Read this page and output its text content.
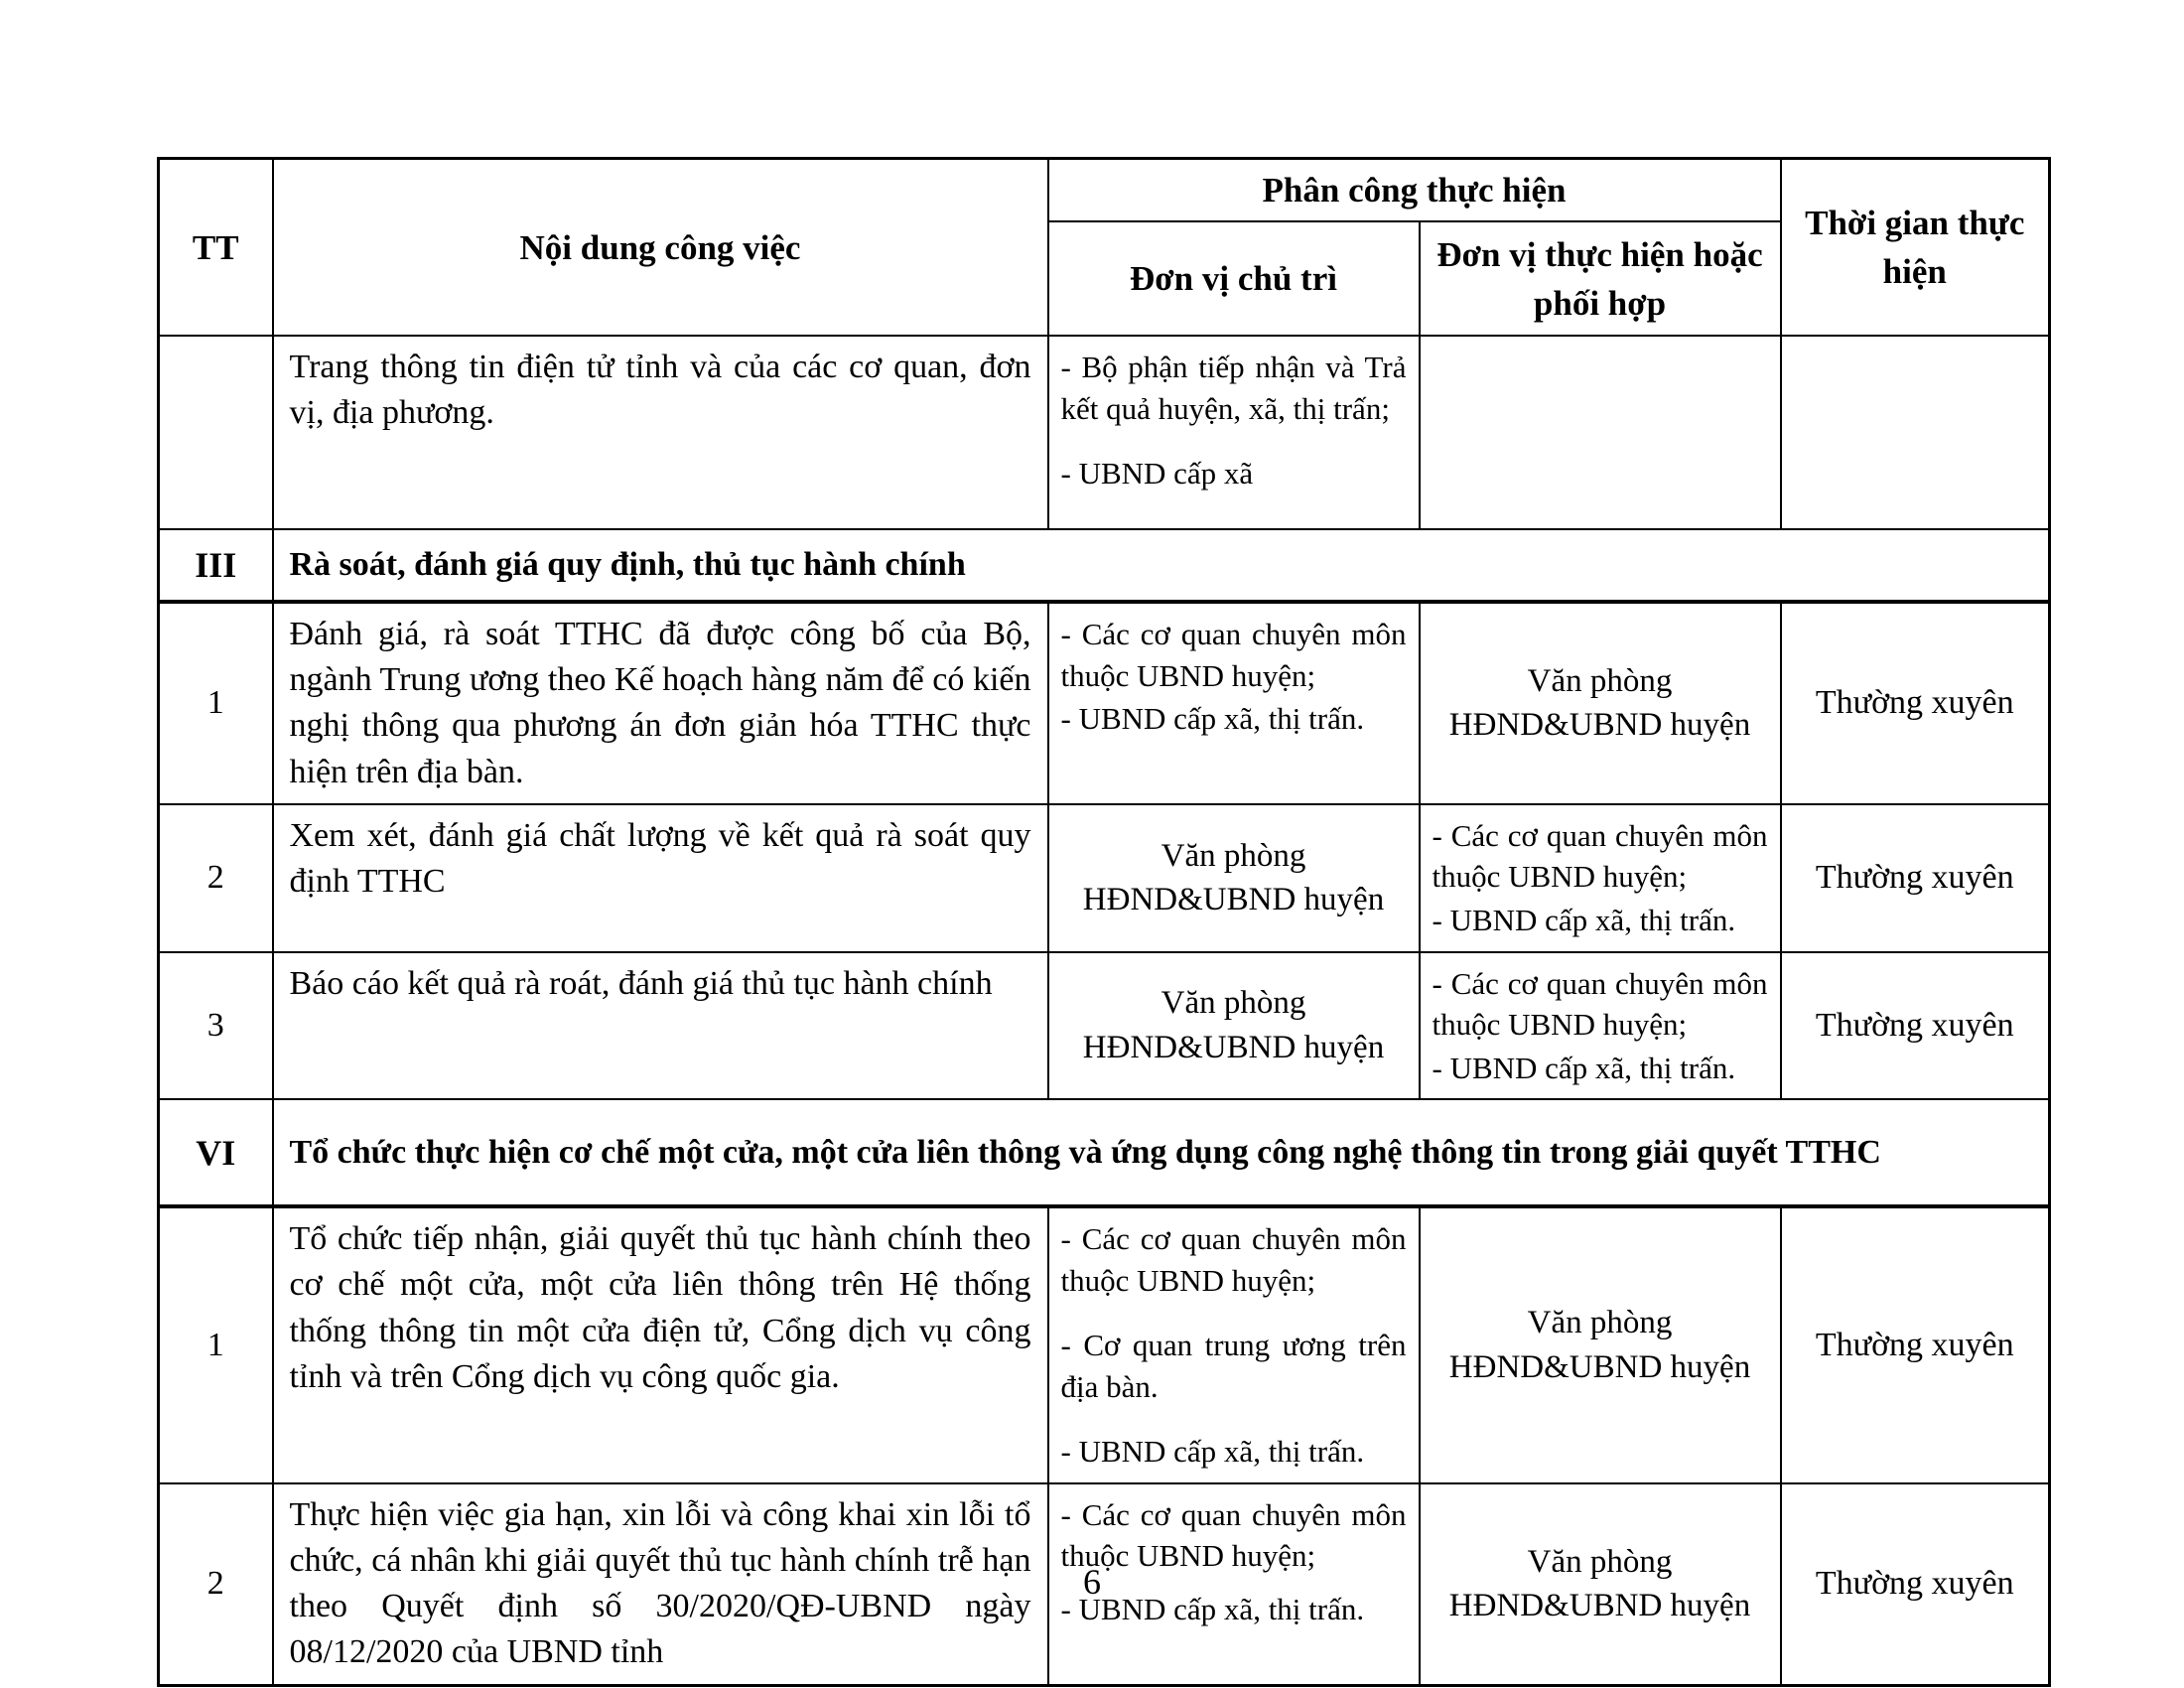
TT	Nội dung công việc	Phân công thực hiện		Thời gian thực hiện
		Đơn vị chủ trì	Đơn vị thực hiện hoặc phối hợp	
	Trang thông tin điện tử tỉnh và của các cơ quan, đơn vị, địa phương.	- Bộ phận tiếp nhận và Trả kết quả huyện, xã, thị trấn;

- UBND cấp xã		

III	Rà soát, đánh giá quy định, thủ tục hành chính			
1	Đánh giá, rà soát TTHC đã được công bố của Bộ, ngành Trung ương theo Kế hoạch hàng năm để có kiến nghị thông qua phương án đơn giản hóa TTHC thực hiện trên địa bàn.	- Các cơ quan chuyên môn thuộc UBND huyện;

- UBND cấp xã, thị trấn.	Văn phòng HĐND&UBND huyện	Thường xuyên
2	Xem xét, đánh giá chất lượng về kết quả rà soát quy định TTHC	Văn phòng HĐND&UBND huyện	- Các cơ quan chuyên môn thuộc UBND huyện;

- UBND cấp xã, thị trấn.	Thường xuyên
3	Báo cáo kết quả rà roát, đánh giá thủ tục hành chính	Văn phòng HĐND&UBND huyện	- Các cơ quan chuyên môn thuộc UBND huyện;

- UBND cấp xã, thị trấn.	Thường xuyên
VI	Tổ chức thực hiện cơ chế một cửa, một cửa liên thông và ứng dụng công nghệ thông tin trong giải quyết TTHC			
1	Tổ chức tiếp nhận, giải quyết thủ tục hành chính theo cơ chế một cửa, một cửa liên thông trên Hệ thống thống thông tin một cửa điện tử, Cổng dịch vụ công tỉnh và trên Cổng dịch vụ công quốc gia.	- Các cơ quan chuyên môn thuộc UBND huyện;

- Cơ quan trung ương trên địa bàn.

- UBND cấp xã, thị trấn.	Văn phòng HĐND&UBND huyện	Thường xuyên
2	Thực hiện việc gia hạn, xin lỗi và công khai xin lỗi tổ chức, cá nhân khi giải quyết thủ tục hành chính trễ hạn theo Quyết định số 30/2020/QĐ-UBND ngày 08/12/2020 của UBND tỉnh	- Các cơ quan chuyên môn thuộc UBND huyện;

- UBND cấp xã, thị trấn.	Văn phòng HĐND&UBND huyện	Thường xuyên
6
